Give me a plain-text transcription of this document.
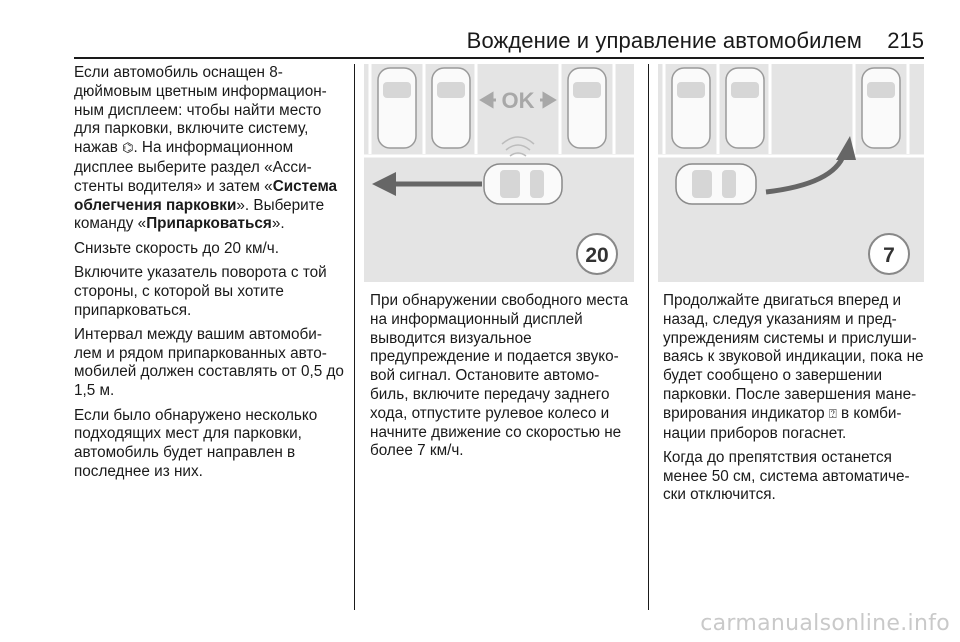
Вождение и управление автомобилем 215

Если автомобиль оснащен 8-дюймовым цветным информацион-ным дисплеем: чтобы найти место для парковки, включите систему, нажав ⌬. На информационном дисплее выберите раздел «Асси-стенты водителя» и затем «Система облегчения парковки». Выберите команду «Припарковаться».

Снизьте скорость до 20 км/ч.

Включите указатель поворота с той стороны, с которой вы хотите припарковаться.

Интервал между вашим автомоби-лем и рядом припаркованных авто-мобилей должен составлять от 0,5 до 1,5 м.

Если было обнаружено несколько подходящих мест для парковки, автомобиль будет направлен в последнее из них.

OK
20	7

При обнаружении свободного места на информационный дисплей выводится визуальное предупреждение и подается звуко-вой сигнал. Остановите автомо-биль, включите передачу заднего хода, отпустите рулевое колесо и начните движение со скоростью не более 7 км/ч.

Продолжайте двигаться вперед и назад, следуя указаниям и пред-упреждениям системы и прислуши-ваясь к звуковой индикации, пока не будет сообщено о завершении парковки. После завершения мане-врирования индикатор ⍰ в комби-нации приборов погаснет.

Когда до препятствия останется менее 50 см, система автоматиче-ски отключится.

carmanualsonline.info
